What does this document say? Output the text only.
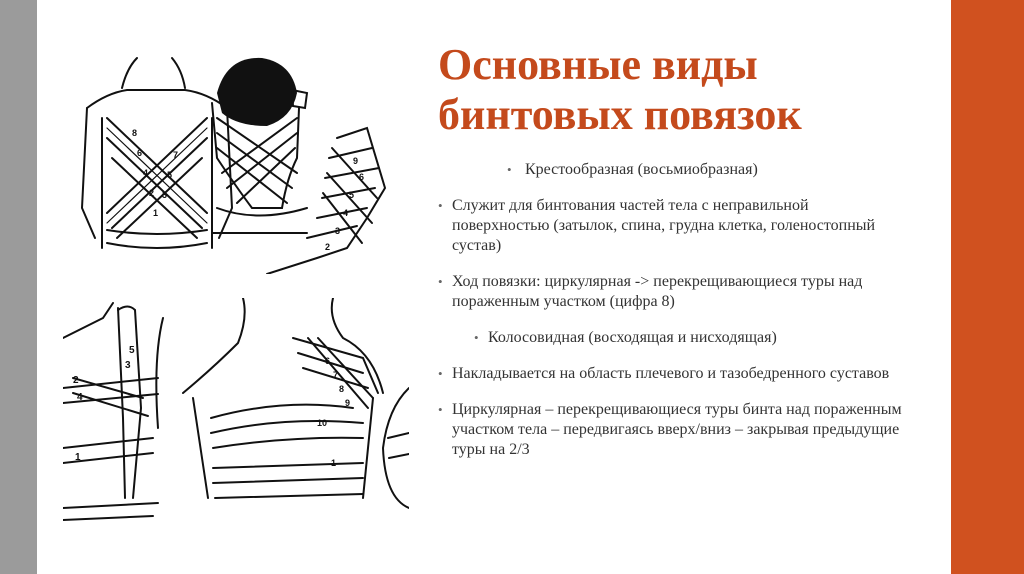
8
6
4
2
1
3
5
7
9
6
5
4
3
2
3
5
1
2
4
6
7
8
9
10
1
Основные виды
бинтовых повязок
• Крестообразная (восьмиобразная)
• Служит для бинтования частей тела с неправильной поверхностью (затылок, спина, грудна клетка, голеностопный сустав)
• Ход повязки: циркулярная -> перекрещивающиеся туры над пораженным участком (цифра 8)
• Колосовидная (восходящая и нисходящая)
• Накладывается на область плечевого и тазобедренного суставов
• Циркулярная – перекрещивающиеся туры бинта над пораженным участком тела – передвигаясь вверх/вниз – закрывая предыдущие туры на 2/3
